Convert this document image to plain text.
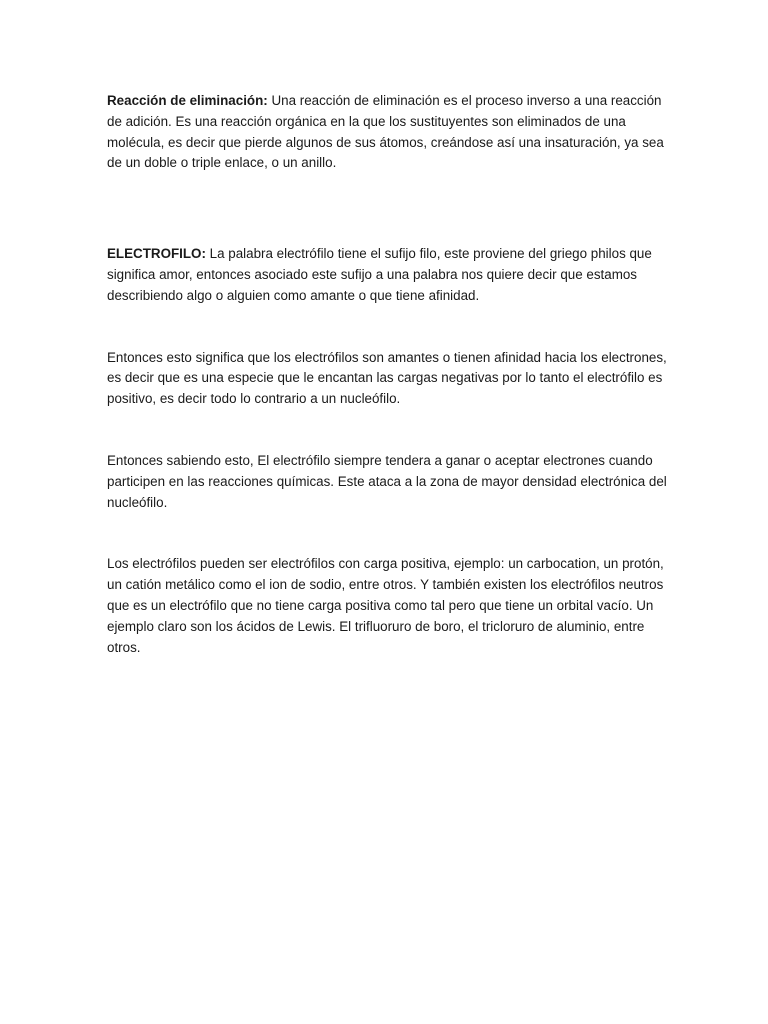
Reacción de eliminación: Una reacción de eliminación es el proceso inverso a una reacción de adición. Es una reacción orgánica en la que los sustituyentes son eliminados de una molécula, es decir que pierde algunos de sus átomos, creándose así una insaturación, ya sea de un doble o triple enlace, o un anillo.

ELECTROFILO: La palabra electrófilo tiene el sufijo filo, este proviene del griego philos que significa amor, entonces asociado este sufijo a una palabra nos quiere decir que estamos describiendo algo o alguien como amante o que tiene afinidad.

Entonces esto significa que los electrófilos son amantes o tienen afinidad hacia los electrones, es decir que es una especie que le encantan las cargas negativas por lo tanto el electrófilo es positivo, es decir todo lo contrario a un nucleófilo.

Entonces sabiendo esto, El electrófilo siempre tendera a ganar o aceptar electrones cuando participen en las reacciones químicas. Este ataca a la zona de mayor densidad electrónica del nucleófilo.

Los electrófilos pueden ser electrófilos con carga positiva, ejemplo: un carbocation, un protón, un catión metálico como el ion de sodio, entre otros. Y también existen los electrófilos neutros que es un electrófilo que no tiene carga positiva como tal pero que tiene un orbital vacío. Un ejemplo claro son los ácidos de Lewis. El trifluoruro de boro, el tricloruro de aluminio, entre otros.
